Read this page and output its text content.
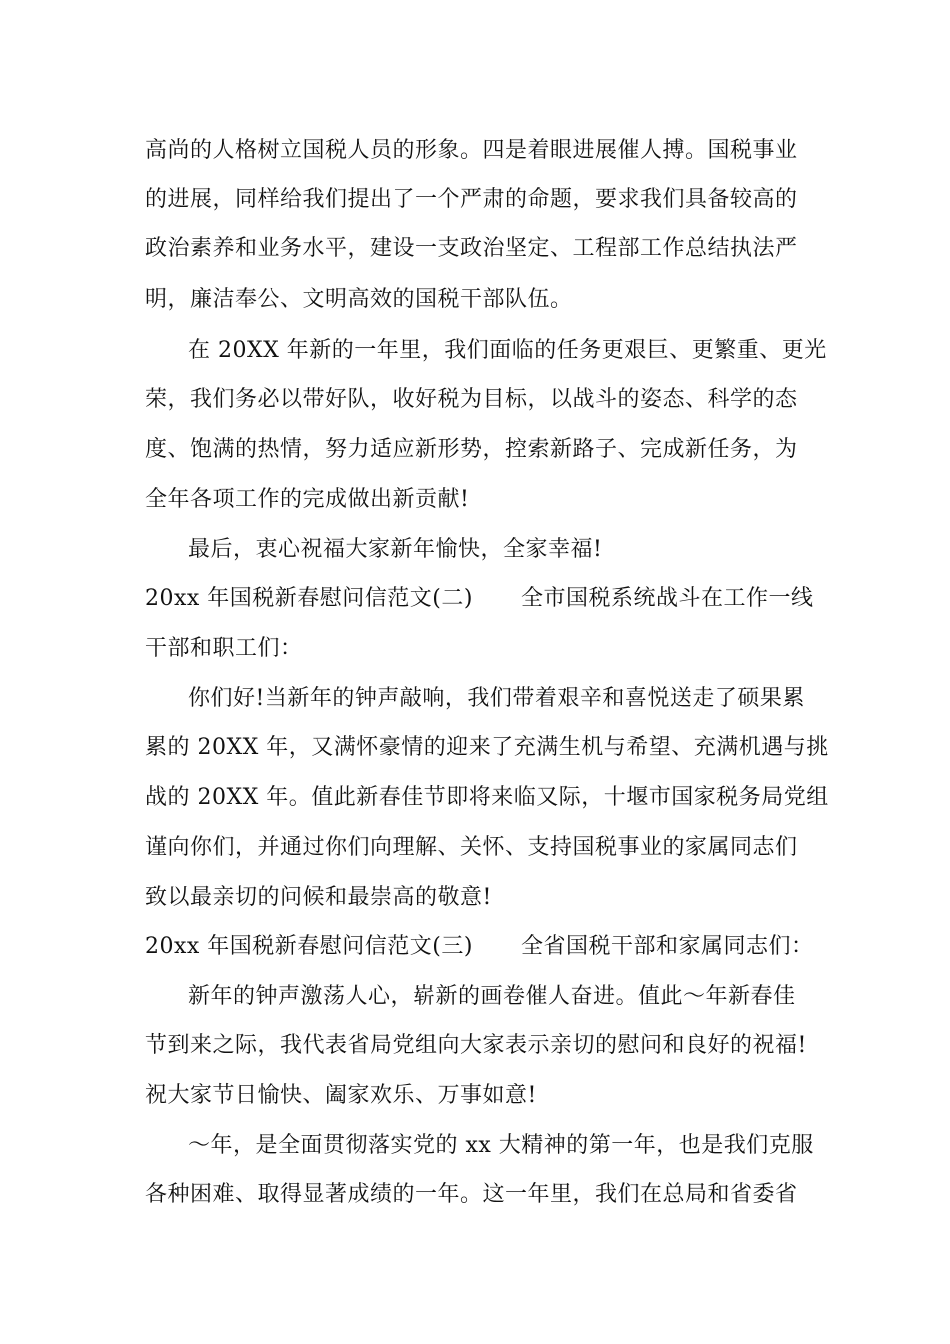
高尚的人格树立国税人员的形象。四是着眼进展催人搏。国税事业
的进展，同样给我们提出了一个严肃的命题，要求我们具备较高的
政治素养和业务水平，建设一支政治坚定、工程部工作总结执法严
明，廉洁奉公、文明高效的国税干部队伍。
在 20XX 年新的一年里，我们面临的任务更艰巨、更繁重、更光
荣，我们务必以带好队，收好税为目标，以战斗的姿态、科学的态
度、饱满的热情，努力适应新形势，控索新路子、完成新任务，为
全年各项工作的完成做出新贡献!
最后，衷心祝福大家新年愉快，全家幸福!
20xx 年国税新春慰问信范文(二) 全市国税系统战斗在工作一线
干部和职工们：
你们好!当新年的钟声敲响，我们带着艰辛和喜悦送走了硕果累
累的 20XX 年，又满怀豪情的迎来了充满生机与希望、充满机遇与挑
战的 20XX 年。值此新春佳节即将来临又际，十堰市国家税务局党组
谨向你们，并通过你们向理解、关怀、支持国税事业的家属同志们
致以最亲切的问候和最崇高的敬意!
20xx 年国税新春慰问信范文(三) 全省国税干部和家属同志们：
新年的钟声激荡人心，崭新的画卷催人奋进。值此～年新春佳
节到来之际，我代表省局党组向大家表示亲切的慰问和良好的祝福!
祝大家节日愉快、阖家欢乐、万事如意!
～年，是全面贯彻落实党的 xx 大精神的第一年，也是我们克服
各种困难、取得显著成绩的一年。这一年里，我们在总局和省委省
